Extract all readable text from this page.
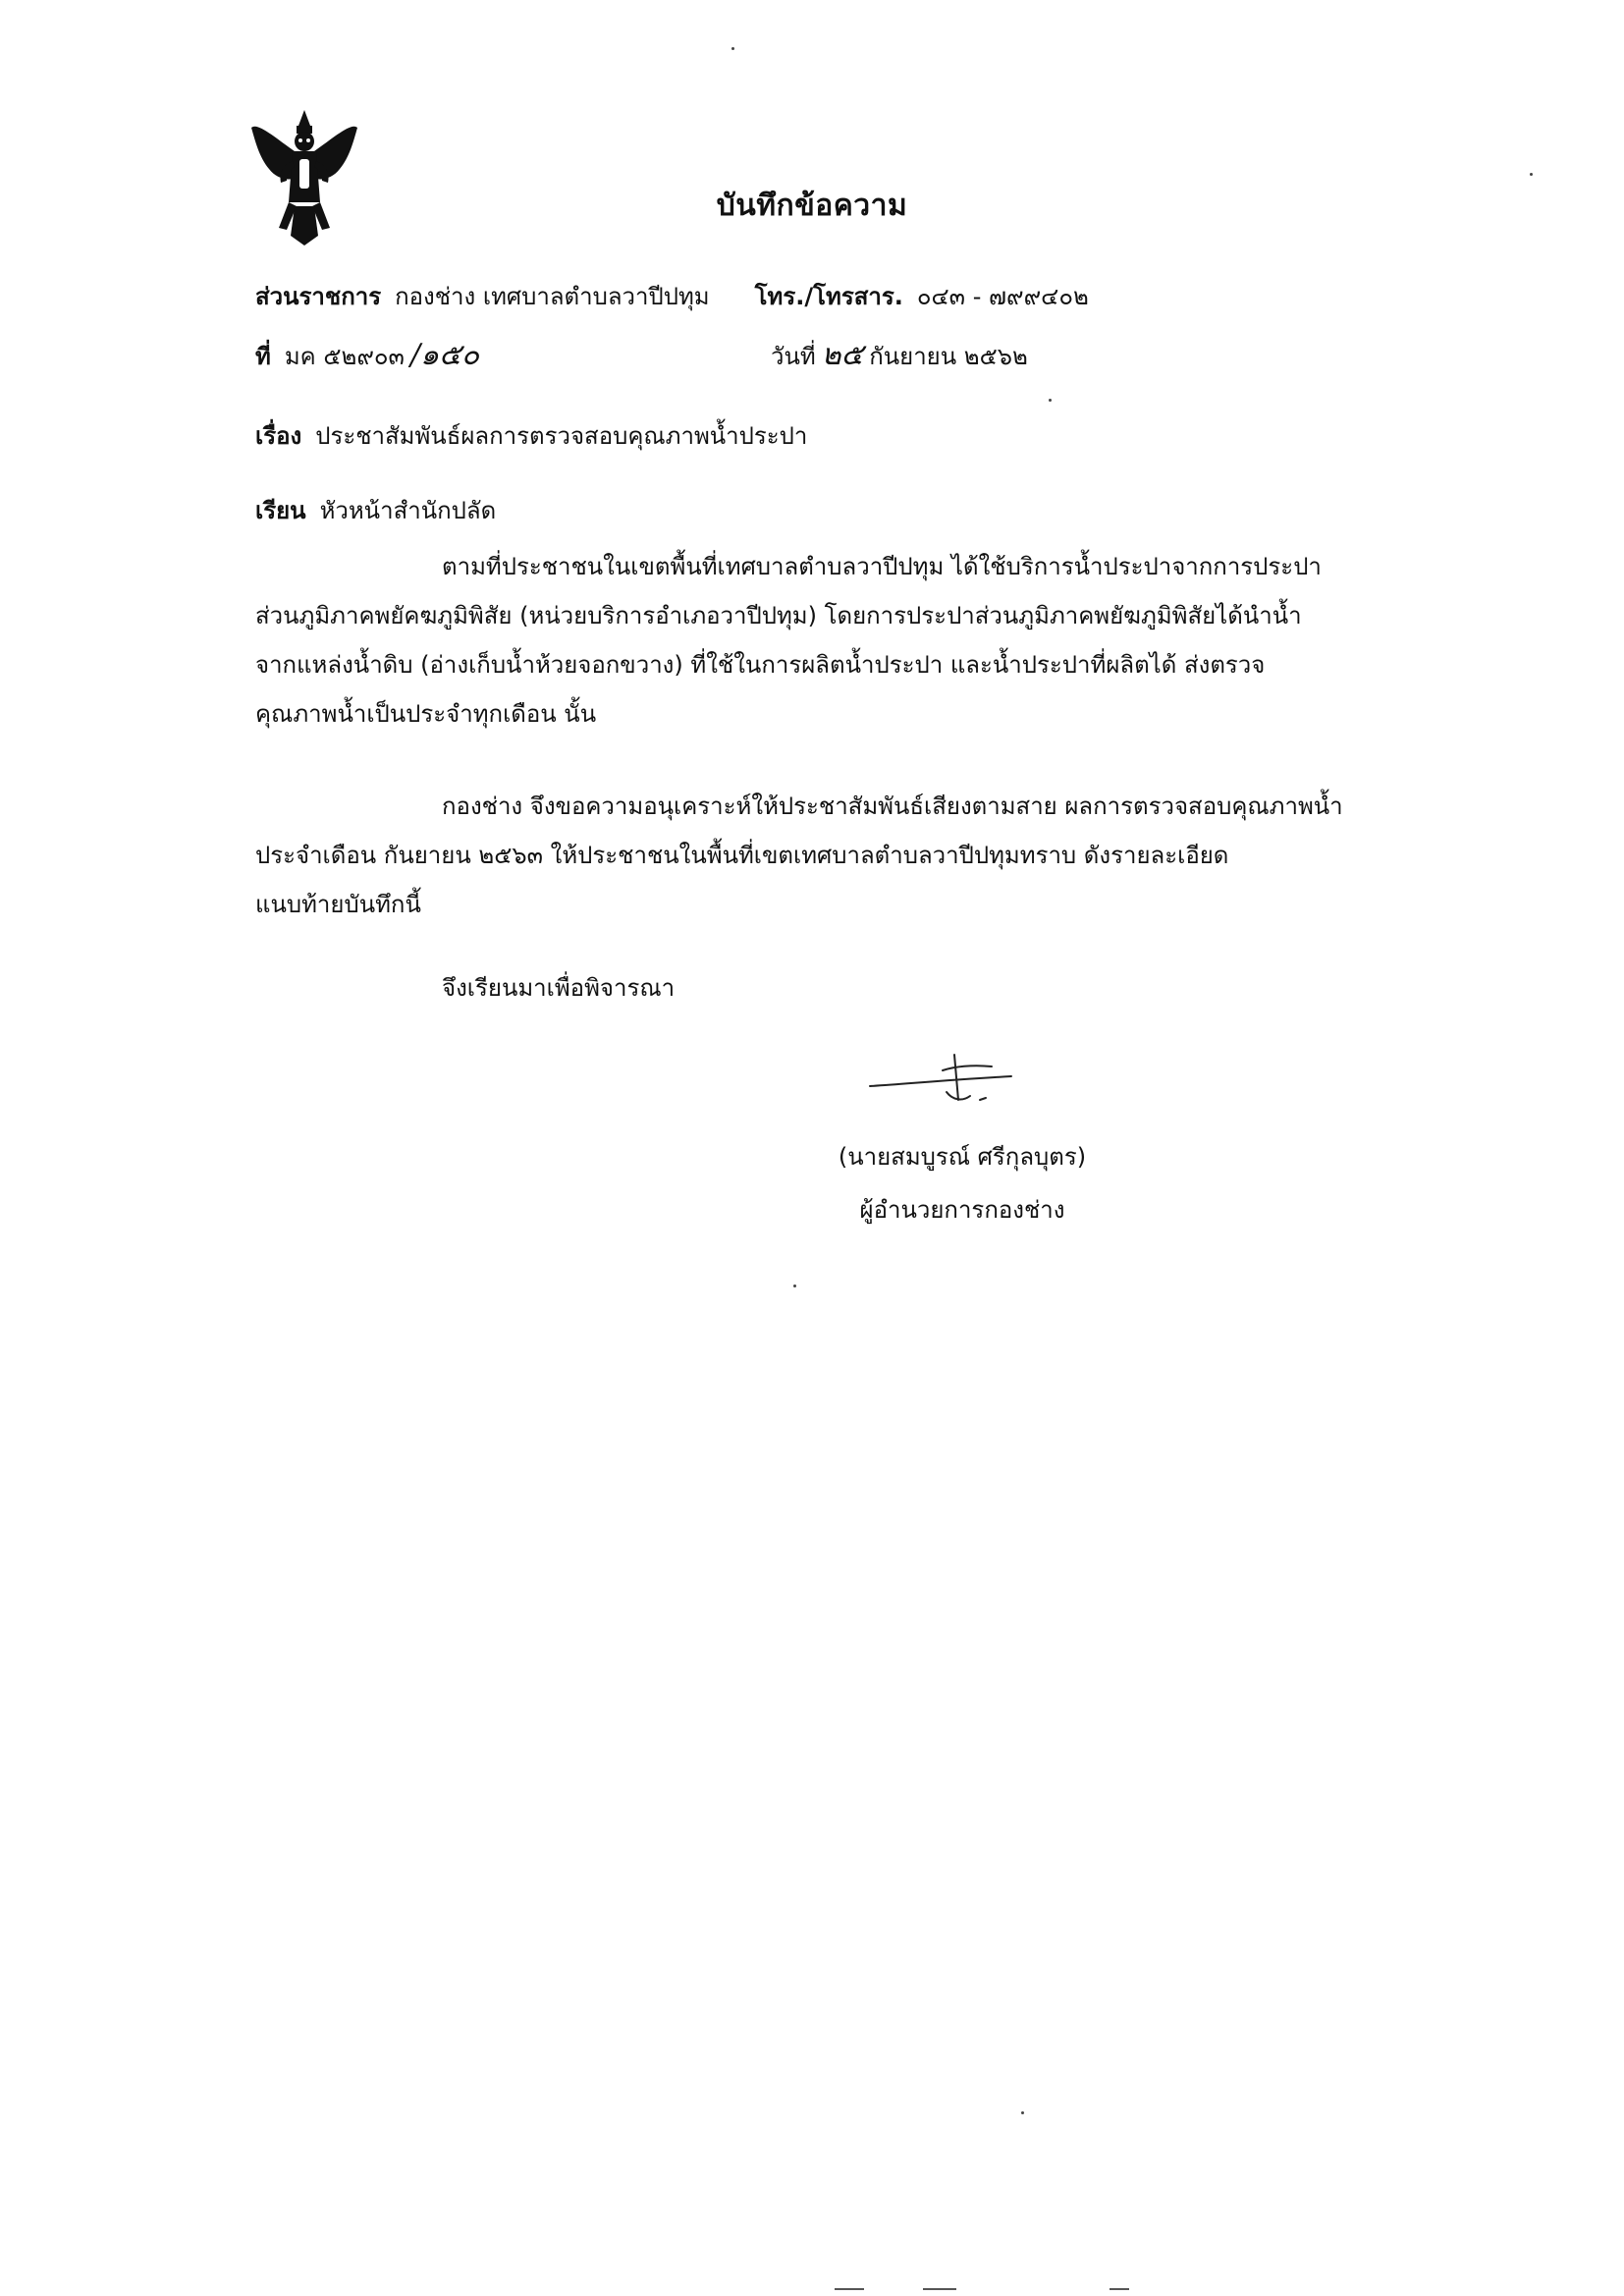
บันทึกข้อความ
ส่วนราชการ กองช่าง เทศบาลตำบลวาปีปทุม โทร./โทรสาร. ๐๔๓ - ๗๙๙๔๐๒
ที่ มค ๕๒๙๐๓ /๑๕๐	วันที่ ๒๕ กันยายน ๒๕๖๒
เรื่อง ประชาสัมพันธ์ผลการตรวจสอบคุณภาพน้ำประปา
เรียน หัวหน้าสำนักปลัด
ตามที่ประชาชนในเขตพื้นที่เทศบาลตำบลวาปีปทุม ได้ใช้บริการน้ำประปาจากการประปา
ส่วนภูมิภาคพยัคฆภูมิพิสัย (หน่วยบริการอำเภอวาปีปทุม) โดยการประปาส่วนภูมิภาคพยัฆภูมิพิสัยได้นำน้ำ
จากแหล่งน้ำดิบ (อ่างเก็บน้ำห้วยจอกขวาง) ที่ใช้ในการผลิตน้ำประปา และน้ำประปาที่ผลิตได้ ส่งตรวจ
คุณภาพน้ำเป็นประจำทุกเดือน นั้น
กองช่าง จึงขอความอนุเคราะห์ให้ประชาสัมพันธ์เสียงตามสาย ผลการตรวจสอบคุณภาพน้ำ
ประจำเดือน กันยายน ๒๕๖๓ ให้ประชาชนในพื้นที่เขตเทศบาลตำบลวาปีปทุมทราบ ดังรายละเอียด
แนบท้ายบันทึกนี้
จึงเรียนมาเพื่อพิจารณา
(นายสมบูรณ์ ศรีกุลบุตร)
ผู้อำนวยการกองช่าง
